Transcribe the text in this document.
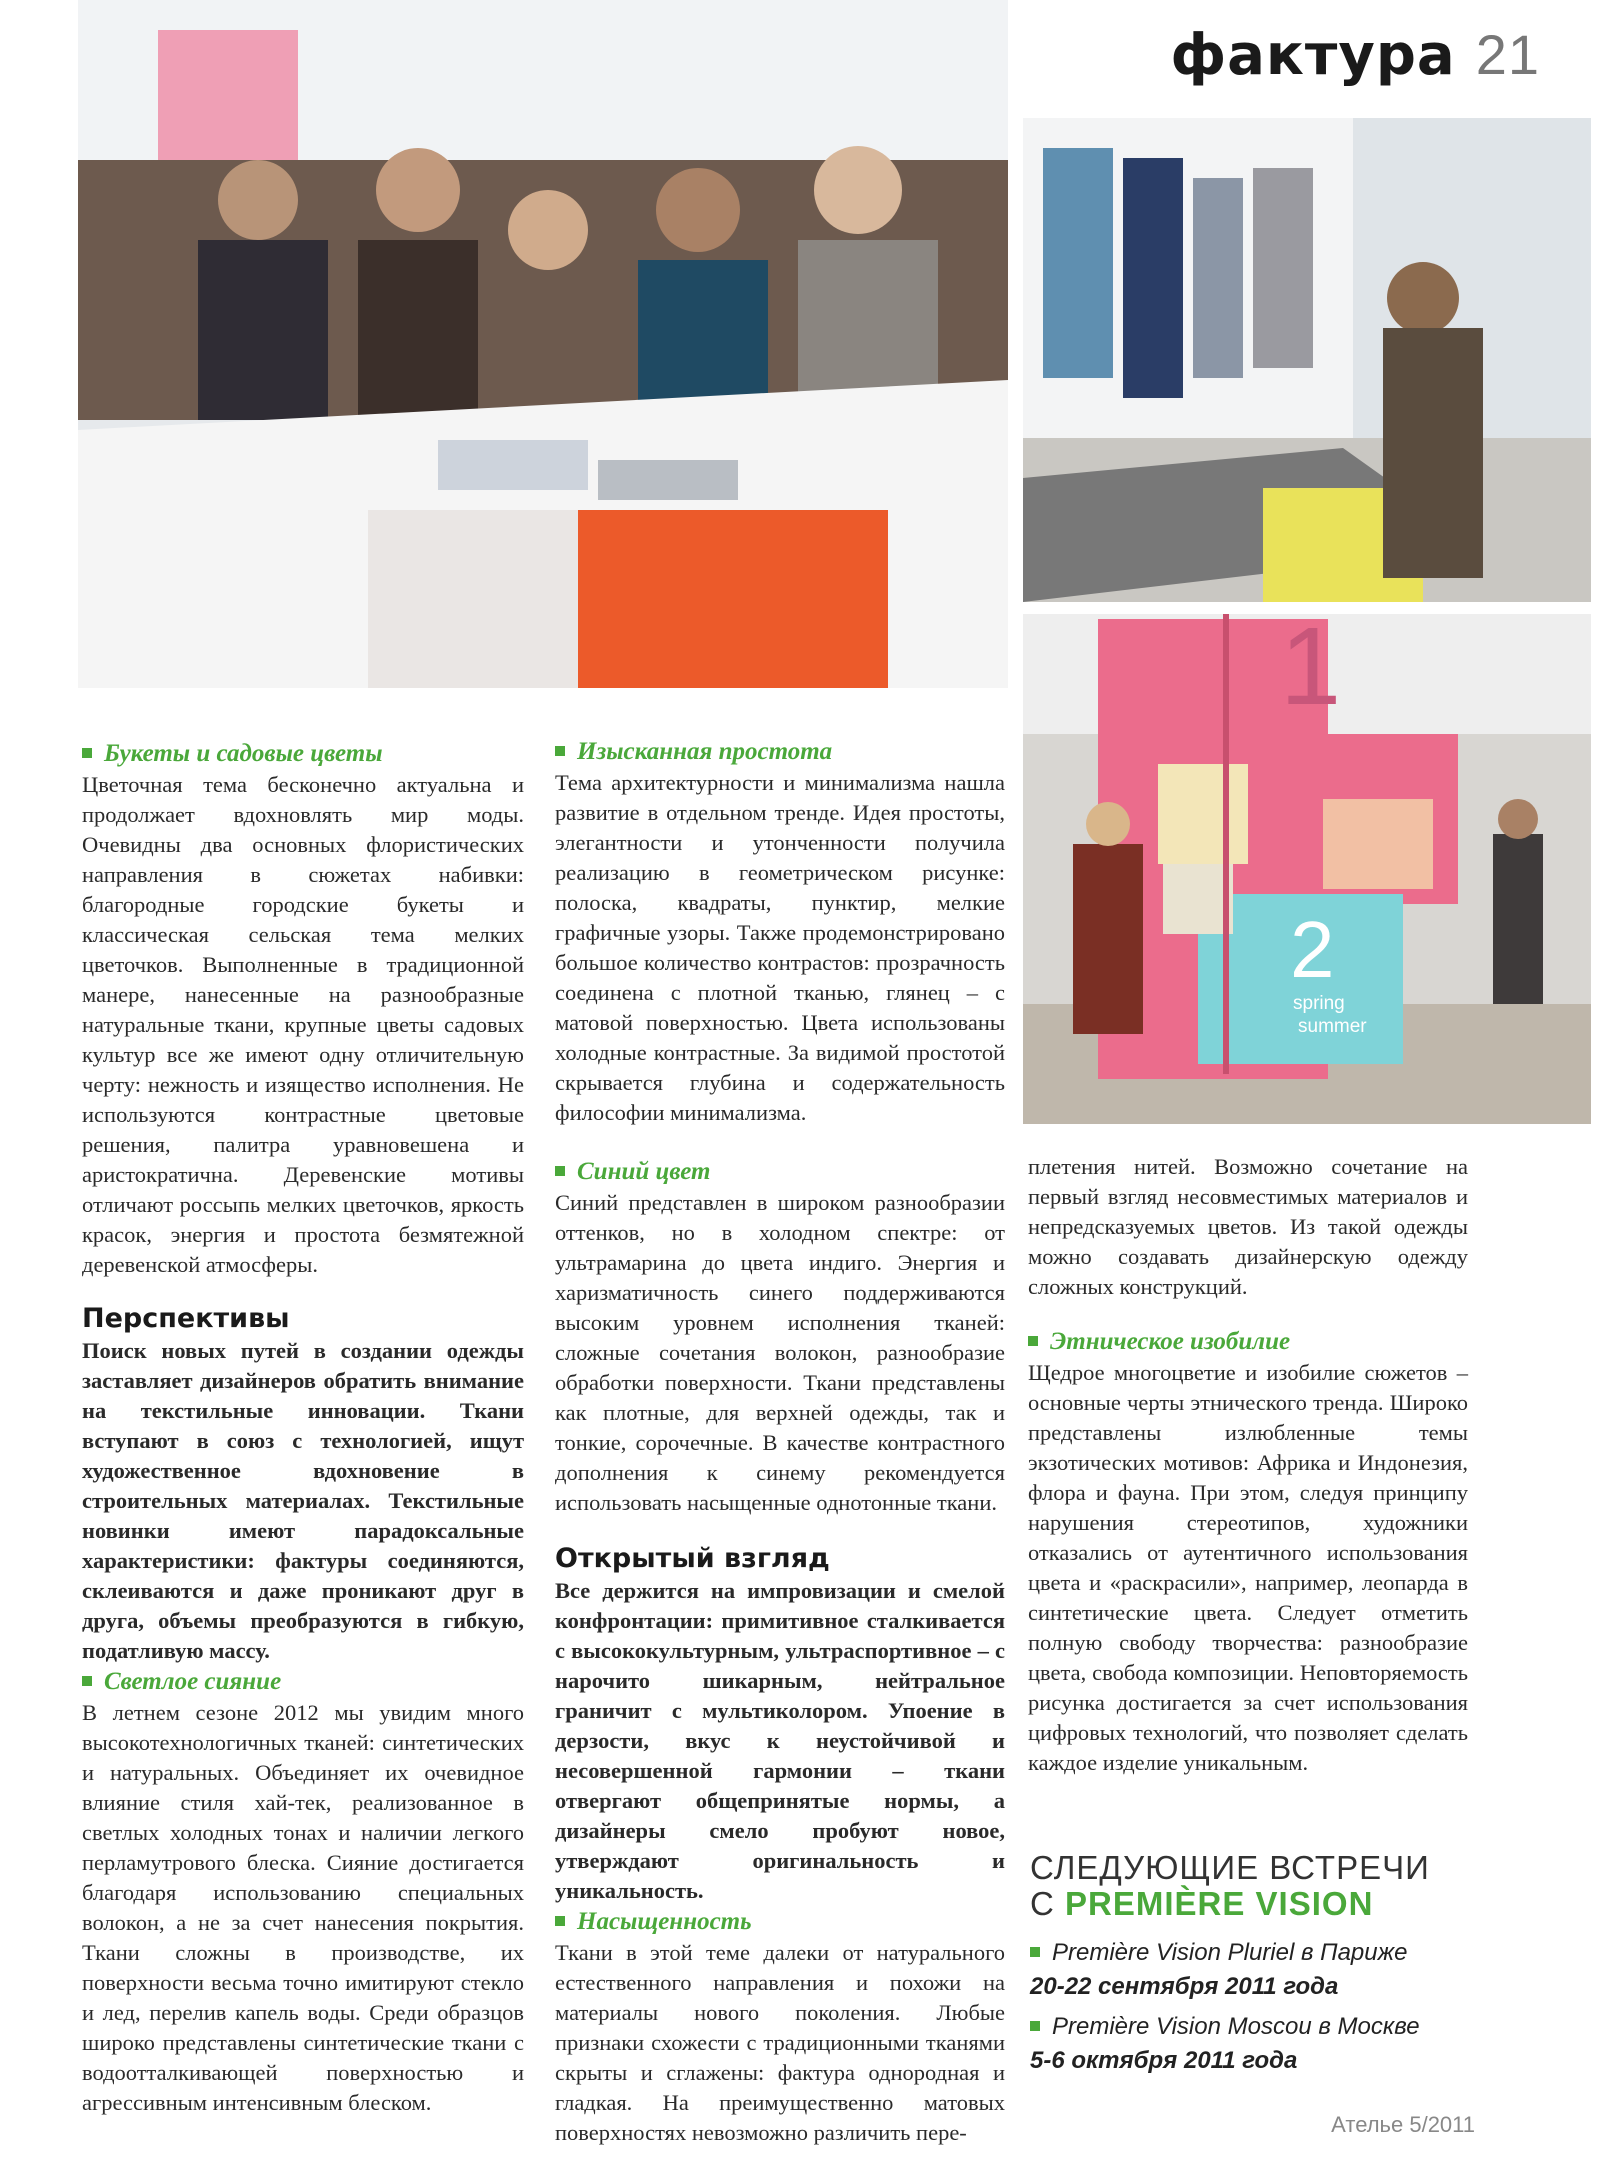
фактура 21
1
2
spring
summer

Букеты и садовые цветы

Цветочная тема бесконечно актуальна и продолжает вдохновлять мир моды. Очевидны два основных флористических направления в сюжетах набивки: благородные городские букеты и классическая сельская тема мелких цветочков. Выполненные в традиционной манере, нанесенные на разнообразные натуральные ткани, крупные цветы садовых культур все же имеют одну отличительную черту: нежность и изящество исполнения. Не используются контрастные цветовые решения, палитра уравновешена и аристократична. Деревенские мотивы отличают россыпь мелких цветочков, яркость красок, энергия и простота безмятежной деревенской атмосферы.

Перспективы

Поиск новых путей в создании одежды заставляет дизайнеров обратить внимание на текстильные инновации. Ткани вступают в союз с технологией, ищут художественное вдохновение в строительных материалах. Текстильные новинки имеют парадоксальные характеристики: фактуры соединяются, склеиваются и даже проникают друг в друга, объемы преобразуются в гибкую, податливую массу.

Светлое сияние

В летнем сезоне 2012 мы увидим много высокотехнологичных тканей: синтетических и натуральных. Объединяет их очевидное влияние стиля хай-тек, реализованное в светлых холодных тонах и наличии легкого перламутрового блеска. Сияние достигается благодаря использованию специальных волокон, а не за счет нанесения покрытия. Ткани сложны в производстве, их поверхности весьма точно имитируют стекло и лед, перелив капель воды. Среди образцов широко представлены синтетические ткани с водоотталкивающей поверхностью и агрессивным интенсивным блеском.

Изысканная простота

Тема архитектурности и минимализма нашла развитие в отдельном тренде. Идея простоты, элегантности и утонченности получила реализацию в геометрическом рисунке: полоска, квадраты, пунктир, мелкие графичные узоры. Также продемонстрировано большое количество контрастов: прозрачность соединена с плотной тканью, глянец – с матовой поверхностью. Цвета использованы холодные контрастные. За видимой простотой скрывается глубина и содержательность философии минимализма.

Синий цвет

Синий представлен в широком разнообразии оттенков, но в холодном спектре: от ультрамарина до цвета индиго. Энергия и харизматичность синего поддерживаются высоким уровнем исполнения тканей: сложные сочетания волокон, разнообразие обработки поверхности. Ткани представлены как плотные, для верхней одежды, так и тонкие, сорочечные. В качестве контрастного дополнения к синему рекомендуется использовать насыщенные однотонные ткани.

Открытый взгляд

Все держится на импровизации и смелой конфронтации: примитивное сталкивается с высококультурным, ультраспортивное – с нарочито шикарным, нейтральное граничит с мультиколором. Упоение в дерзости, вкус к неустойчивой и несовершенной гармонии – ткани отвергают общепринятые нормы, а дизайнеры смело пробуют новое, утверждают оригинальность и уникальность.

Насыщенность

Ткани в этой теме далеки от натурального естественного направления и похожи на материалы нового поколения. Любые признаки схожести с традиционными тканями скрыты и сглажены: фактура однородная и гладкая. На преимущественно матовых поверхностях невозможно различить пере-

плетения нитей. Возможно сочетание на первый взгляд несовместимых материалов и непредсказуемых цветов. Из такой одежды можно создавать дизайнерскую одежду сложных конструкций.

Этническое изобилие

Щедрое многоцветие и изобилие сюжетов – основные черты этнического тренда. Широко представлены излюбленные темы экзотических мотивов: Африка и Индонезия, флора и фауна. При этом, следуя принципу нарушения стереотипов, художники отказались от аутентичного использования цвета и «раскрасили», например, леопарда в синтетические цвета. Следует отметить полную свободу творчества: разнообразие цвета, свобода композиции. Неповторяемость рисунка достигается за счет использования цифровых технологий, что позволяет сделать каждое изделие уникальным.

СЛЕДУЮЩИЕ ВСТРЕЧИ
С PREMIÈRE VISION
Première Vision Pluriel в Париже
20-22 сентября 2011 года
Première Vision Moscou в Москве
5-6 октября 2011 года
Ателье 5/2011
